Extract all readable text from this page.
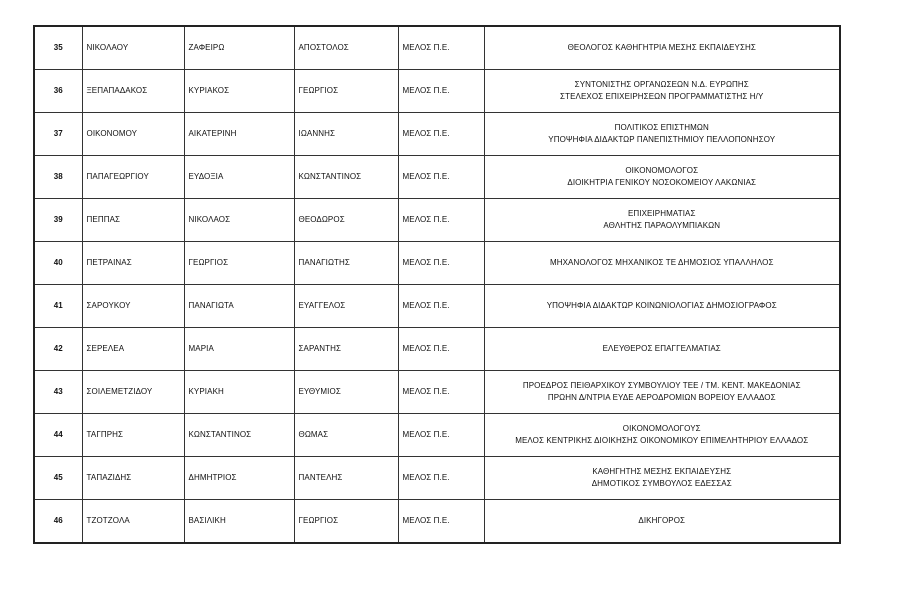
35	ΝΙΚΟΛΑΟΥ	ΖΑΦΕΙΡΩ	ΑΠΟΣΤΟΛΟΣ	ΜΕΛΟΣ Π.Ε.	ΘΕΟΛΟΓΟΣ ΚΑΘΗΓΗΤΡΙΑ ΜΕΣΗΣ ΕΚΠΑΙΔΕΥΣΗΣ

36	ΞΕΠΑΠΑΔΑΚΟΣ	ΚΥΡΙΑΚΟΣ	ΓΕΩΡΓΙΟΣ	ΜΕΛΟΣ Π.Ε.	ΣΥΝΤΟΝΙΣΤΗΣ ΟΡΓΑΝΩΣΕΩΝ Ν.Δ. ΕΥΡΩΠΗΣ
ΣΤΕΛΕΧΟΣ ΕΠΙΧΕΙΡΗΣΕΩΝ ΠΡΟΓΡΑΜΜΑΤΙΣΤΗΣ Η/Υ

37	ΟΙΚΟΝΟΜΟΥ	ΑΙΚΑΤΕΡΙΝΗ	ΙΩΑΝΝΗΣ	ΜΕΛΟΣ Π.Ε.	ΠΟΛΙΤΙΚΟΣ ΕΠΙΣΤΗΜΩΝ
ΥΠΟΨΗΦΙΑ ΔΙΔΑΚΤΩΡ ΠΑΝΕΠΙΣΤΗΜΙΟΥ ΠΕΛΛΟΠΟΝΗΣΟΥ

38	ΠΑΠΑΓΕΩΡΓΙΟΥ	ΕΥΔΟΞΙΑ	ΚΩΝΣΤΑΝΤΙΝΟΣ	ΜΕΛΟΣ Π.Ε.	ΟΙΚΟΝΟΜΟΛΟΓΟΣ
ΔΙΟΙΚΗΤΡΙΑ ΓΕΝΙΚΟΥ ΝΟΣΟΚΟΜΕΙΟΥ ΛΑΚΩΝΙΑΣ

39	ΠΕΠΠΑΣ	ΝΙΚΟΛΑΟΣ	ΘΕΟΔΩΡΟΣ	ΜΕΛΟΣ Π.Ε.	ΕΠΙΧΕΙΡΗΜΑΤΙΑΣ
ΑΘΛΗΤΗΣ ΠΑΡΑΟΛΥΜΠΙΑΚΩΝ

40	ΠΕΤΡΑΙΝΑΣ	ΓΕΩΡΓΙΟΣ	ΠΑΝΑΓΙΩΤΗΣ	ΜΕΛΟΣ Π.Ε.	ΜΗΧΑΝΟΛΟΓΟΣ ΜΗΧΑΝΙΚΟΣ ΤΕ ΔΗΜΟΣΙΟΣ ΥΠΑΛΛΗΛΟΣ

41	ΣΑΡΟΥΚΟΥ	ΠΑΝΑΓΙΩΤΑ	ΕΥΑΓΓΕΛΟΣ	ΜΕΛΟΣ Π.Ε.	ΥΠΟΨΗΦΙΑ ΔΙΔΑΚΤΩΡ ΚΟΙΝΩΝΙΟΛΟΓΙΑΣ ΔΗΜΟΣΙΟΓΡΑΦΟΣ

42	ΣΕΡΕΛΕΑ	ΜΑΡΙΑ	ΣΑΡΑΝΤΗΣ	ΜΕΛΟΣ Π.Ε.	ΕΛΕΥΘΕΡΟΣ ΕΠΑΓΓΕΛΜΑΤΙΑΣ

43	ΣΟΙΛΕΜΕΤΖΙΔΟΥ	ΚΥΡΙΑΚΗ	ΕΥΘΥΜΙΟΣ	ΜΕΛΟΣ Π.Ε.	ΠΡΟΕΔΡΟΣ ΠΕΙΘΑΡΧΙΚΟΥ ΣΥΜΒΟΥΛΙΟΥ ΤΕΕ / ΤΜ. ΚΕΝΤ. ΜΑΚΕΔΟΝΙΑΣ
ΠΡΩΗΝ Δ/ΝΤΡΙΑ ΕΥΔΕ ΑΕΡΟΔΡΟΜΙΩΝ ΒΟΡΕΙΟΥ ΕΛΛΑΔΟΣ

44	ΤΑΓΠΡΗΣ	ΚΩΝΣΤΑΝΤΙΝΟΣ	ΘΩΜΑΣ	ΜΕΛΟΣ Π.Ε.	ΟΙΚΟΝΟΜΟΛΟΓΟΥΣ
ΜΕΛΟΣ ΚΕΝΤΡΙΚΗΣ ΔΙΟΙΚΗΣΗΣ ΟΙΚΟΝΟΜΙΚΟΥ ΕΠΙΜΕΛΗΤΗΡΙΟΥ ΕΛΛΑΔΟΣ

45	ΤΑΠΑΖΙΔΗΣ	ΔΗΜΗΤΡΙΟΣ	ΠΑΝΤΕΛΗΣ	ΜΕΛΟΣ Π.Ε.	ΚΑΘΗΓΗΤΗΣ ΜΕΣΗΣ ΕΚΠΑΙΔΕΥΣΗΣ
ΔΗΜΟΤΙΚΟΣ ΣΥΜΒΟΥΛΟΣ ΕΔΕΣΣΑΣ

46	ΤΖΟΤΖΟΛΑ	ΒΑΣΙΛΙΚΗ	ΓΕΩΡΓΙΟΣ	ΜΕΛΟΣ Π.Ε.	ΔΙΚΗΓΟΡΟΣ
